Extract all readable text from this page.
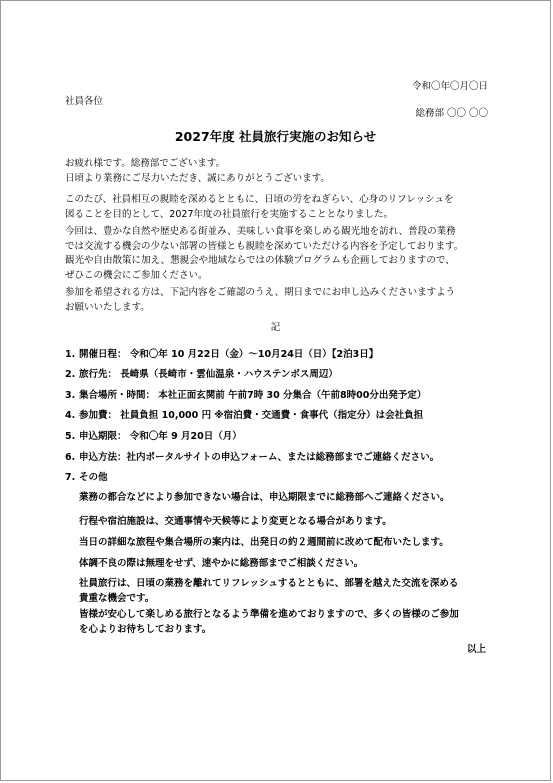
令和〇年〇月〇日
社員各位
総務部 〇〇 〇〇
2027年度 社員旅行実施のお知らせ
お疲れ様です。総務部でございます。
日頃より業務にご尽力いただき、誠にありがとうございます。
このたび、社員相互の親睦を深めるとともに、日頃の労をねぎらい、心身のリフレッシュを
図ることを目的として、2027年度の社員旅行を実施することとなりました。
今回は、豊かな自然や歴史ある街並み、美味しい食事を楽しめる観光地を訪れ、普段の業務
では交流する機会の少ない部署の皆様とも親睦を深めていただける内容を予定しております。
観光や自由散策に加え、懇親会や地域ならではの体験プログラムも企画しておりますので、
ぜひこの機会にご参加ください。
参加を希望される方は、下記内容をご確認のうえ、期日までにお申し込みくださいますよう
お願いいたします。
記
1. 開催日程： 令和〇年 10 月22日（金）〜10月24日（日）【2泊3日】
2. 旅行先： 長崎県（長崎市・雲仙温泉・ハウステンボス周辺）
3. 集合場所・時間： 本社正面玄関前 午前7時 30 分集合（午前8時00分出発予定）
4. 参加費： 社員負担 10,000 円 ※宿泊費・交通費・食事代（指定分）は会社負担
5. 申込期限： 令和〇年 9 月20日（月）
6. 申込方法：社内ポータルサイトの申込フォーム、または総務部までご連絡ください。
7. その他
業務の都合などにより参加できない場合は、申込期限までに総務部へご連絡ください。
行程や宿泊施設は、交通事情や天候等により変更となる場合があります。
当日の詳細な旅程や集合場所の案内は、出発日の約２週間前に改めて配布いたします。
体調不良の際は無理をせず、速やかに総務部までご相談ください。
社員旅行は、日頃の業務を離れてリフレッシュするとともに、部署を越えた交流を深める
貴重な機会です。
皆様が安心して楽しめる旅行となるよう準備を進めておりますので、多くの皆様のご参加
を心よりお待ちしております。
以上
